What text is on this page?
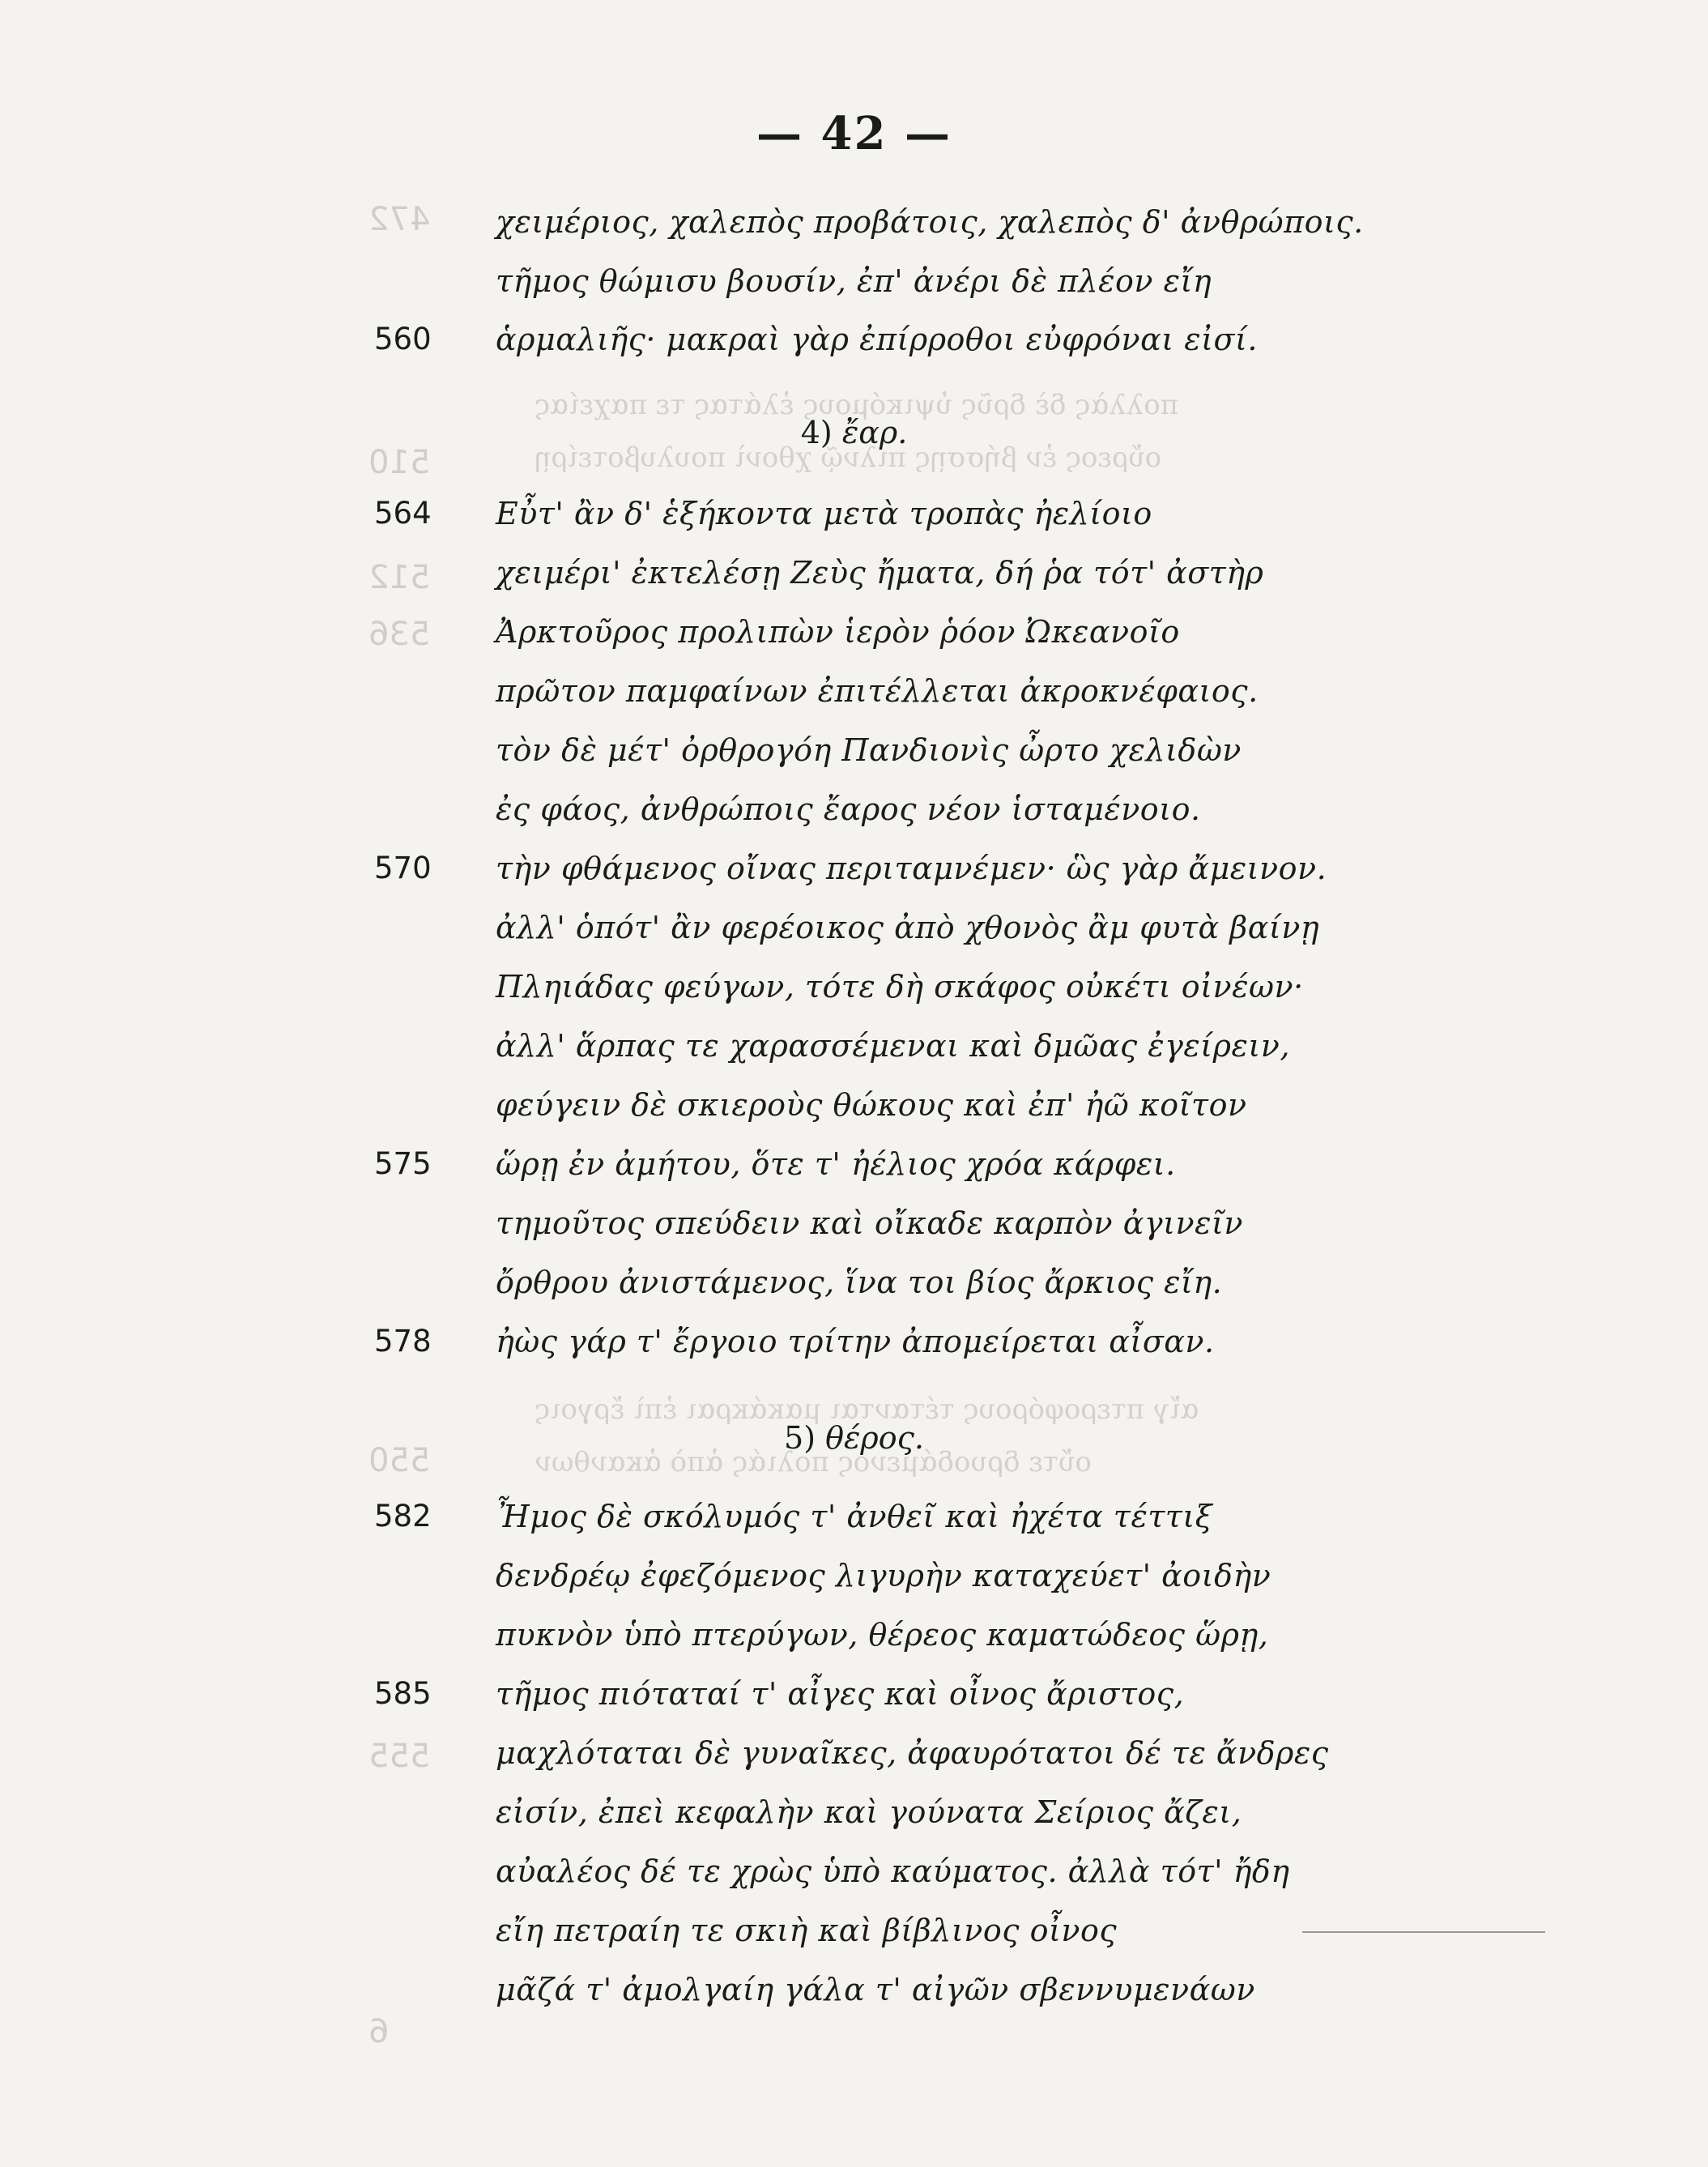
472
510
512
536
550
555
6
πολλὰς δὲ δρῦς ὑψικόμους ἐλάτας τε παχείας
οὔρεος ἐν βήσσῃς πιλνῷ χθονὶ πουλυβοτείρῃ
αἴγ πτεροφόρους τέτανται μακάκραι ἐπὶ ἔργοις
οὔτε δρυοδάμενος πολιάς ἀπὸ ἀκανθων
— 42 —
χειμέριος, χαλεπὸς προβάτοις, χαλεπὸς δ' ἀνθρώποις.
τῆμος θώμισυ βουσίν, ἐπ' ἀνέρι δὲ πλέον εἴη
560 ἁρμαλιῆς· μακραὶ γὰρ ἐπίρροθοι εὐφρόναι εἰσί.
4) ἔαρ.
564 Εὖτ' ἂν δ' ἑξήκοντα μετὰ τροπὰς ἠελίοιο
χειμέρι' ἐκτελέσῃ Ζεὺς ἤματα, δή ῥα τότ' ἀστὴρ
Ἀρκτοῦρος προλιπὼν ἱερὸν ῥόον Ὠκεανοῖο
πρῶτον παμφαίνων ἐπιτέλλεται ἀκροκνέφαιος.
τὸν δὲ μέτ' ὀρθρογόη Πανδιονὶς ὦρτο χελιδὼν
ἐς φάος, ἀνθρώποις ἔαρος νέον ἱσταμένοιο.
570 τὴν φθάμενος οἴνας περιταμνέμεν· ὣς γὰρ ἄμεινον.
ἀλλ' ὁπότ' ἂν φερέοικος ἀπὸ χθονὸς ἂμ φυτὰ βαίνῃ
Πληιάδας φεύγων, τότε δὴ σκάφος οὐκέτι οἰνέων·
ἀλλ' ἅρπας τε χαρασσέμεναι καὶ δμῶας ἐγείρειν,
φεύγειν δὲ σκιεροὺς θώκους καὶ ἐπ' ἠῶ κοῖτον
575 ὥρῃ ἐν ἀμήτου, ὅτε τ' ἠέλιος χρόα κάρφει.
τημοῦτος σπεύδειν καὶ οἴκαδε καρπὸν ἀγινεῖν
ὄρθρου ἀνιστάμενος, ἵνα τοι βίος ἄρκιος εἴη.
578 ἠὼς γάρ τ' ἔργοιο τρίτην ἀπομείρεται αἶσαν.
5) θέρος.
582 Ἦμος δὲ σκόλυμός τ' ἀνθεῖ καὶ ἠχέτα τέττιξ
δενδρέῳ ἐφεζόμενος λιγυρὴν καταχεύετ' ἀοιδὴν
πυκνὸν ὑπὸ πτερύγων, θέρεος καματώδεος ὥρῃ,
585 τῆμος πιόταταί τ' αἶγες καὶ οἶνος ἄριστος,
μαχλόταται δὲ γυναῖκες, ἀφαυρότατοι δέ τε ἄνδρες
εἰσίν, ἐπεὶ κεφαλὴν καὶ γούνατα Σείριος ἄζει,
αὐαλέος δέ τε χρὼς ὑπὸ καύματος. ἀλλὰ τότ' ἤδη
εἴη πετραίη τε σκιὴ καὶ βίβλινος οἶνος
μᾶζά τ' ἀμολγαίη γάλα τ' αἰγῶν σβεννυμενάων
